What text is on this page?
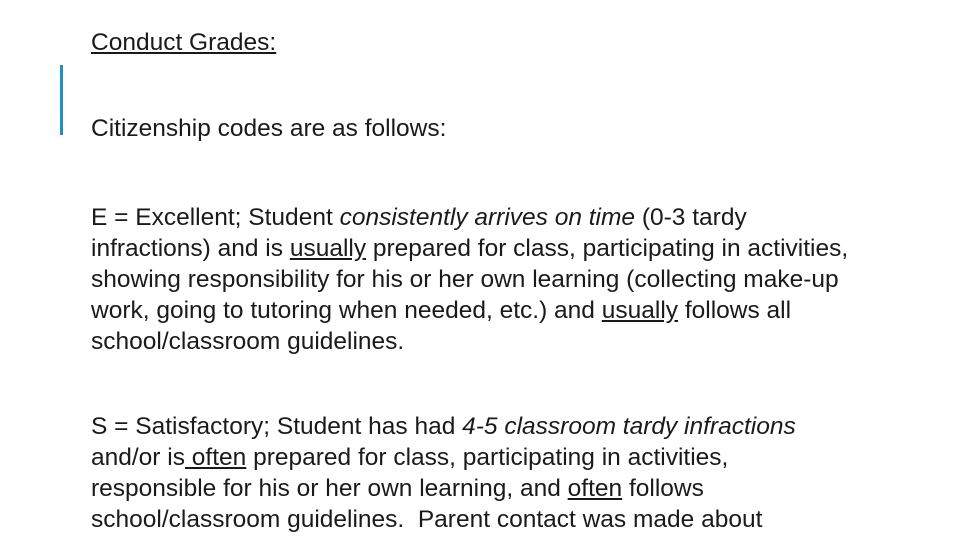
Conduct Grades:
Citizenship codes are as follows:
E = Excellent; Student consistently arrives on time (0-3 tardy
infractions) and is usually prepared for class, participating in activities,
showing responsibility for his or her own learning (collecting make-up
work, going to tutoring when needed, etc.) and usually follows all
school/classroom guidelines.
S = Satisfactory; Student has had 4-5 classroom tardy infractions
and/or is often prepared for class, participating in activities,
responsible for his or her own learning, and often follows
school/classroom guidelines.  Parent contact was made about
